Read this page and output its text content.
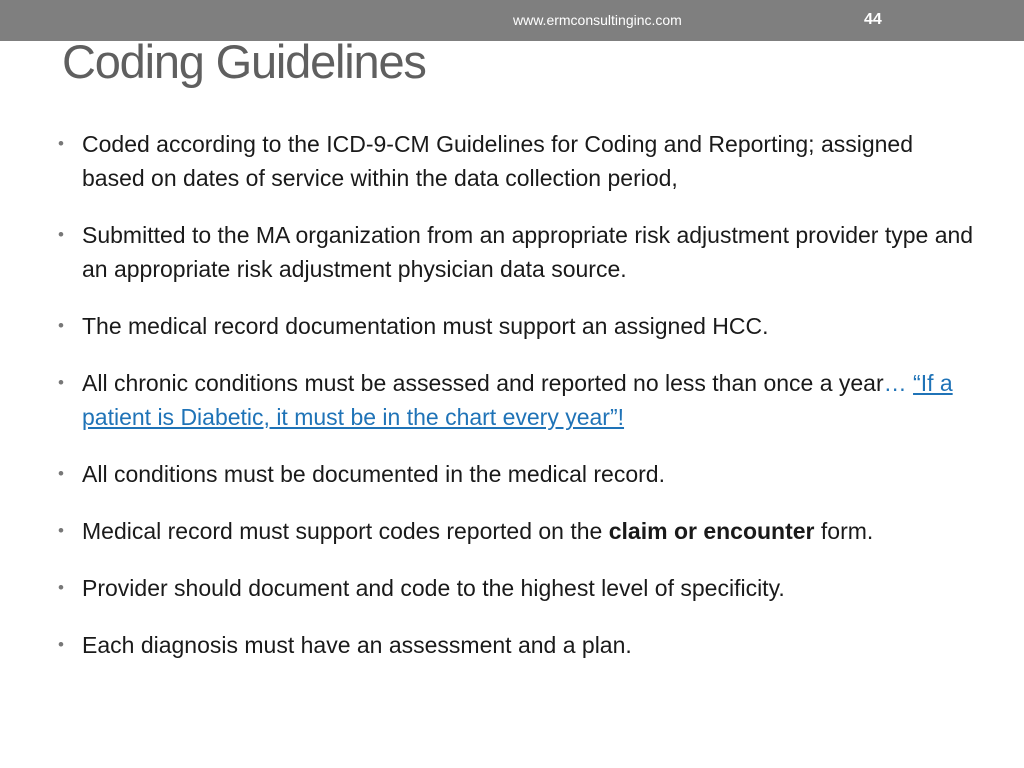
www.ermconsultinginc.com	44
Coding Guidelines
• Coded according to the ICD-9-CM Guidelines for Coding and Reporting; assigned based on dates of service within the data collection period,
• Submitted to the MA organization from an appropriate risk adjustment provider type and an appropriate risk adjustment physician data source.
• The medical record documentation must support an assigned HCC.
• All chronic conditions must be assessed and reported no less than once a year… “If a patient is Diabetic, it must be in the chart every year”!
• All conditions must be documented in the medical record.
• Medical record must support codes reported on the claim or encounter form.
• Provider should document and code to the highest level of specificity.
• Each diagnosis must have an assessment and a plan.
